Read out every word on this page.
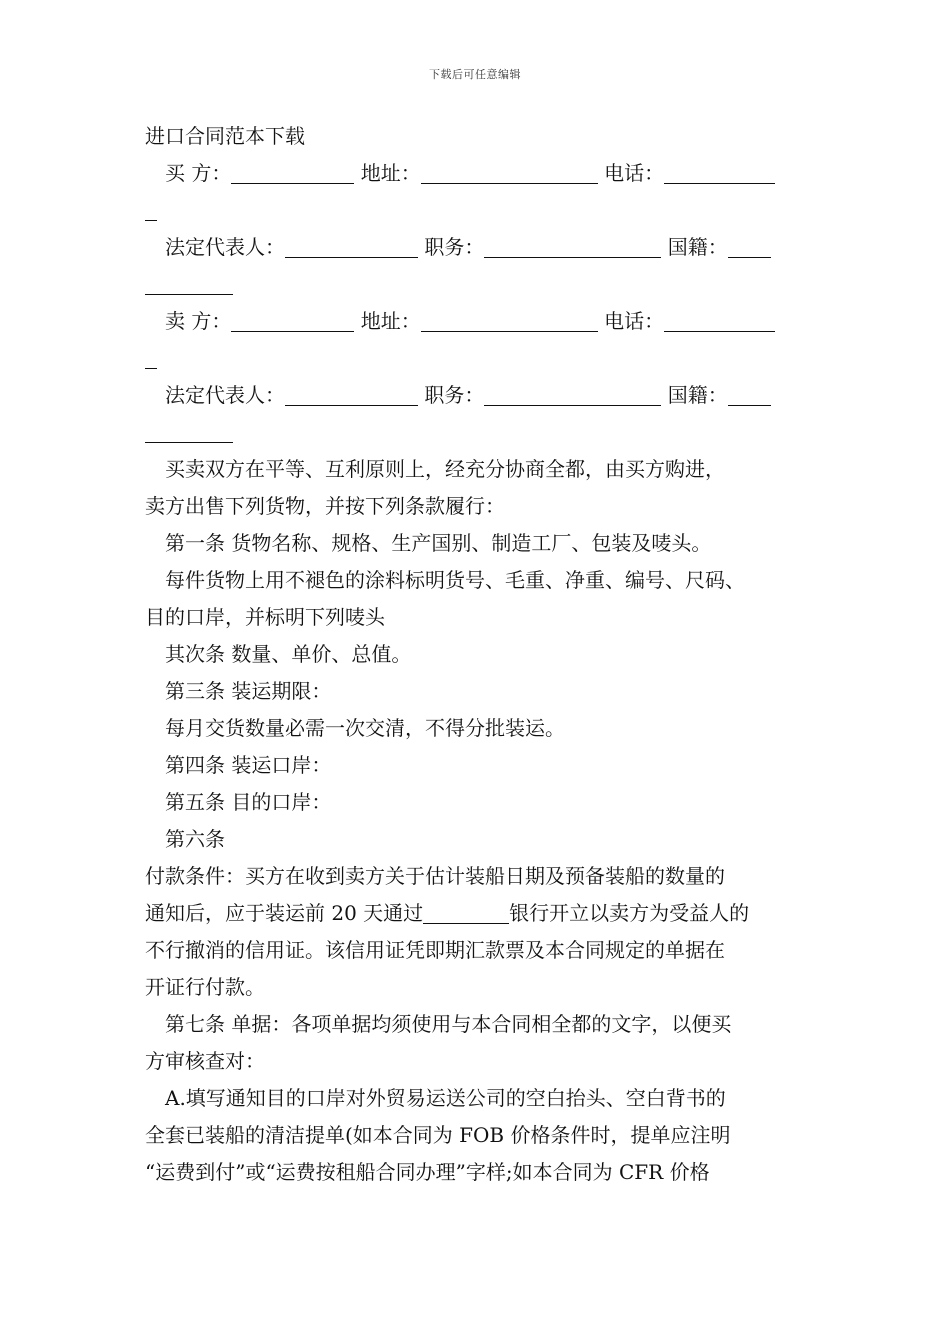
下载后可任意编辑
进口合同范本下载
买 方：	地址：	电话：
法定代表人：	职务：	国籍：
卖 方：	地址：	电话：
法定代表人：	职务：	国籍：
买卖双方在平等、互利原则上，经充分协商全都，由买方购进，
卖方出售下列货物，并按下列条款履行：
第一条 货物名称、规格、生产国别、制造工厂、包装及唛头。
每件货物上用不褪色的涂料标明货号、毛重、净重、编号、尺码、
目的口岸，并标明下列唛头
其次条 数量、单价、总值。
第三条 装运期限：
每月交货数量必需一次交清，不得分批装运。
第四条 装运口岸：
第五条 目的口岸：
第六条
付款条件：买方在收到卖方关于估计装船日期及预备装船的数量的
通知后，应于装运前 20 天通过	银行开立以卖方为受益人的
不行撤消的信用证。该信用证凭即期汇款票及本合同规定的单据在
开证行付款。
第七条 单据：各项单据均须使用与本合同相全都的文字，以便买
方审核查对：
A.填写通知目的口岸对外贸易运送公司的空白抬头、空白背书的
全套已装船的清洁提单(如本合同为 FOB 价格条件时，提单应注明
“运费到付”或“运费按租船合同办理”字样;如本合同为 CFR 价格
